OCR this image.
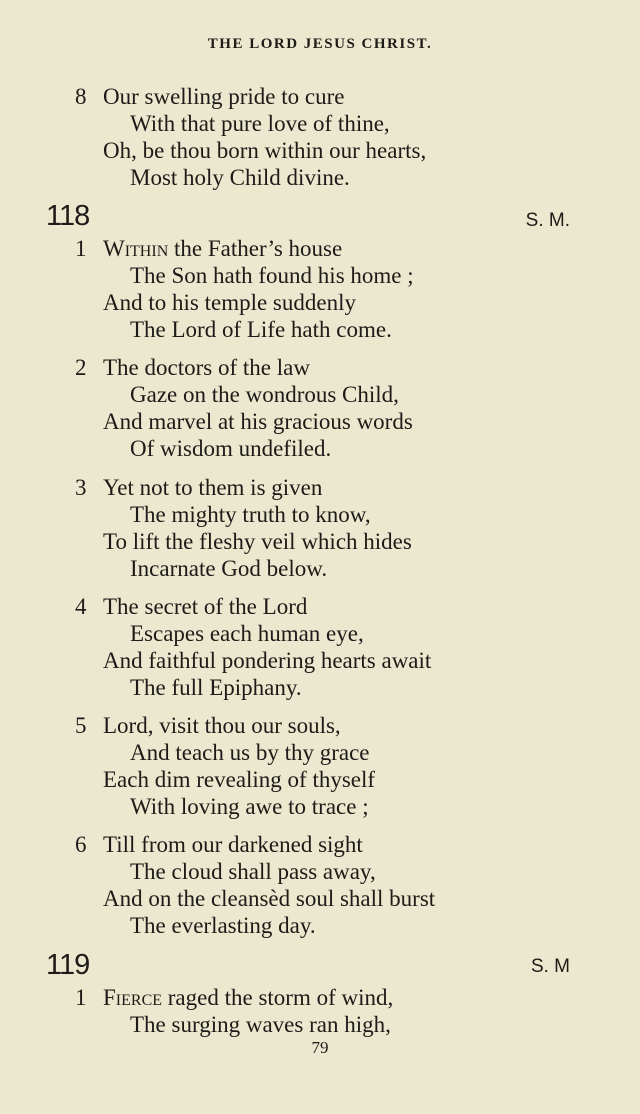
THE LORD JESUS CHRIST.
8 Our swelling pride to cure
With that pure love of thine,
Oh, be thou born within our hearts,
Most holy Child divine.
118	S. M.
1 Within the Father’s house
The Son hath found his home ;
And to his temple suddenly
The Lord of Life hath come.
2 The doctors of the law
Gaze on the wondrous Child,
And marvel at his gracious words
Of wisdom undefiled.
3 Yet not to them is given
The mighty truth to know,
To lift the fleshy veil which hides
Incarnate God below.
4 The secret of the Lord
Escapes each human eye,
And faithful pondering hearts await
The full Epiphany.
5 Lord, visit thou our souls,
And teach us by thy grace
Each dim revealing of thyself
With loving awe to trace ;
6 Till from our darkened sight
The cloud shall pass away,
And on the cleansèd soul shall burst
The everlasting day.
119	S. M
1 Fierce raged the storm of wind,
The surging waves ran high,
79
